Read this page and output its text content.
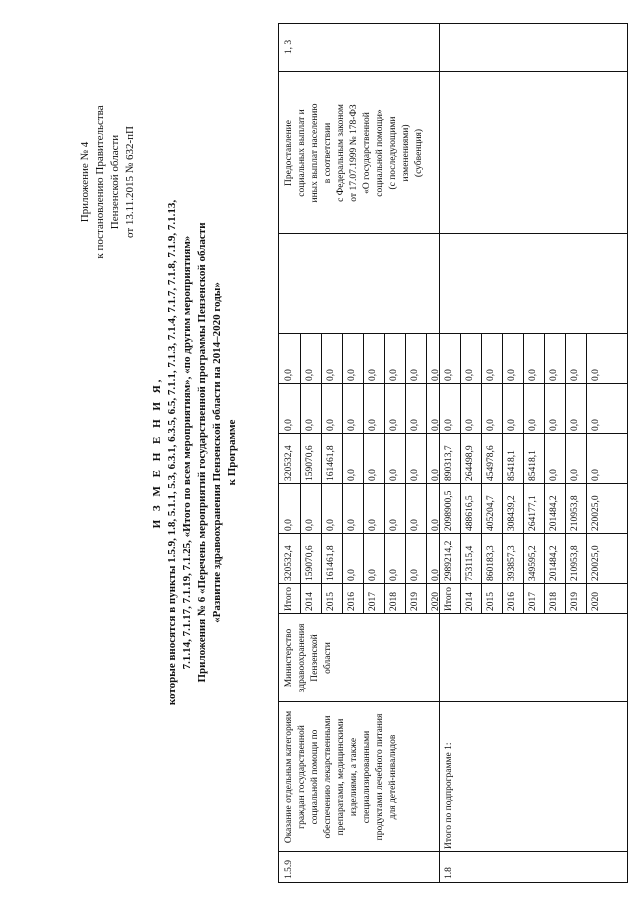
Приложение № 4 к постановлению Правительства Пензенской области от 13.11.2015 № 632-пП
И З М Е Н Е Н И Я, которые вносятся в пункты 1.5.9, 1.8, 5.1.1, 5.3, 6.3.1, 6.3.5, 6.5, 7.1.1, 7.1.3, 7.1.4, 7.1.7, 7.1.8, 7.1.9, 7.1.13, 7.1.14, 7.1.17, 7.1.19, 7.1.25, «Итого по всем мероприятиям», «по другим мероприятиям» Приложения № 6 «Перечень мероприятий государственной программы Пензенской области «Развитие здравоохранения Пензенской области на 2014–2020 годы» к Программе
1.5.9
Оказание отдельным категориям граждан государственной социальной помощи по обеспечению лекарственными препаратами, медицинскими изделиями, а также специализированными продуктами лечебного питания для детей-инвалидов
Министерство здравоохранения Пензенской области
Итого
320532,4
0,0
320532,4
0,0
0,0
2014
159070,6
0,0
159070,6
0,0
0,0
2015
161461,8
0,0
161461,8
0,0
0,0
2016
0,0
0,0
0,0
0,0
0,0
2017
0,0
0,0
0,0
0,0
0,0
2018
0,0
0,0
0,0
0,0
0,0
2019
0,0
0,0
0,0
0,0
0,0
2020
0,0
0,0
0,0
0,0
0,0
Предоставление социальных выплат и иных выплат населению в соответствии с Федеральным законом от 17.07.1999 № 178-ФЗ «О государственной социальной помощи» (с последующими изменениями) (субвенция)
1, 3
1.8
Итого по подпрограмме 1:
Итого
2989214,2
2098900,5
890313,7
0,0
0,0
2014
753115,4
488616,5
264498,9
0,0
0,0
2015
860183,3
405204,7
454978,6
0,0
0,0
2016
393857,3
308439,2
85418,1
0,0
0,0
2017
349595,2
264177,1
85418,1
0,0
0,0
2018
201484,2
201484,2
0,0
0,0
0,0
2019
210953,8
210953,8
0,0
0,0
0,0
2020
220025,0
220025,0
0,0
0,0
0,0
